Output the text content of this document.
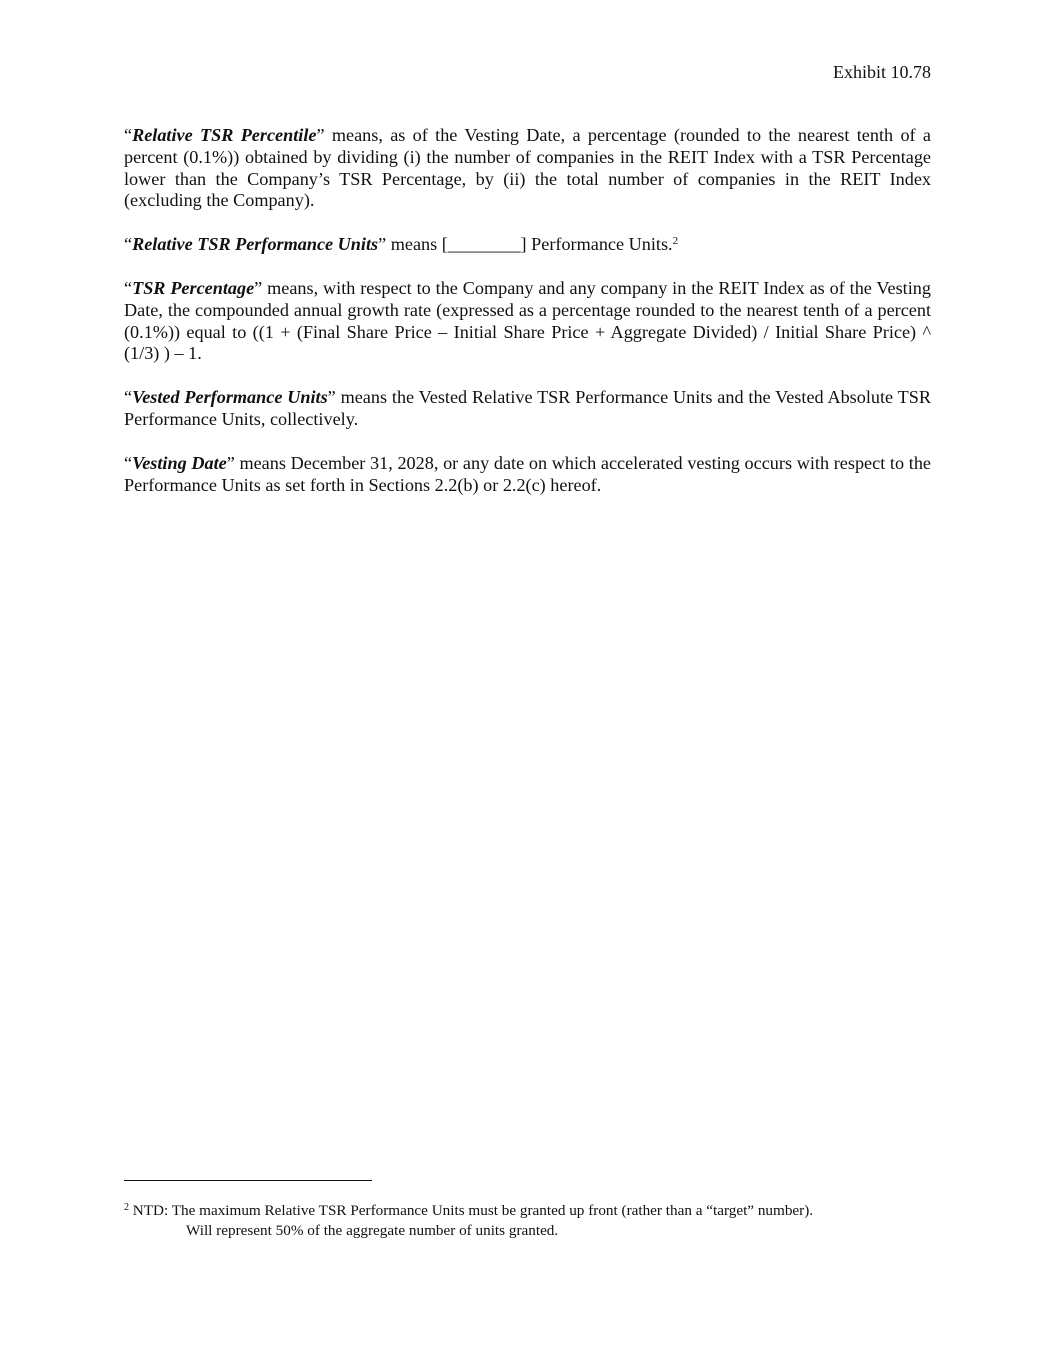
Exhibit 10.78

“Relative TSR Percentile” means, as of the Vesting Date, a percentage (rounded to the nearest tenth of a percent (0.1%)) obtained by dividing (i) the number of companies in the REIT Index with a TSR Percentage lower than the Company’s TSR Percentage, by (ii) the total number of companies in the REIT Index (excluding the Company).

“Relative TSR Performance Units” means [________] Performance Units.$^2$

“TSR Percentage” means, with respect to the Company and any company in the REIT Index as of the Vesting Date, the compounded annual growth rate (expressed as a percentage rounded to the nearest tenth of a percent (0.1%)) equal to ((1 + (Final Share Price – Initial Share Price + Aggregate Divided) / Initial Share Price) ^ (1/3) ) – 1.

“Vested Performance Units” means the Vested Relative TSR Performance Units and the Vested Absolute TSR Performance Units, collectively.

“Vesting Date” means December 31, 2028, or any date on which accelerated vesting occurs with respect to the Performance Units as set forth in Sections 2.2(b) or 2.2(c) hereof.

$^2$ NTD: The maximum Relative TSR Performance Units must be granted up front (rather than a “target” number).
Will represent 50% of the aggregate number of units granted.
